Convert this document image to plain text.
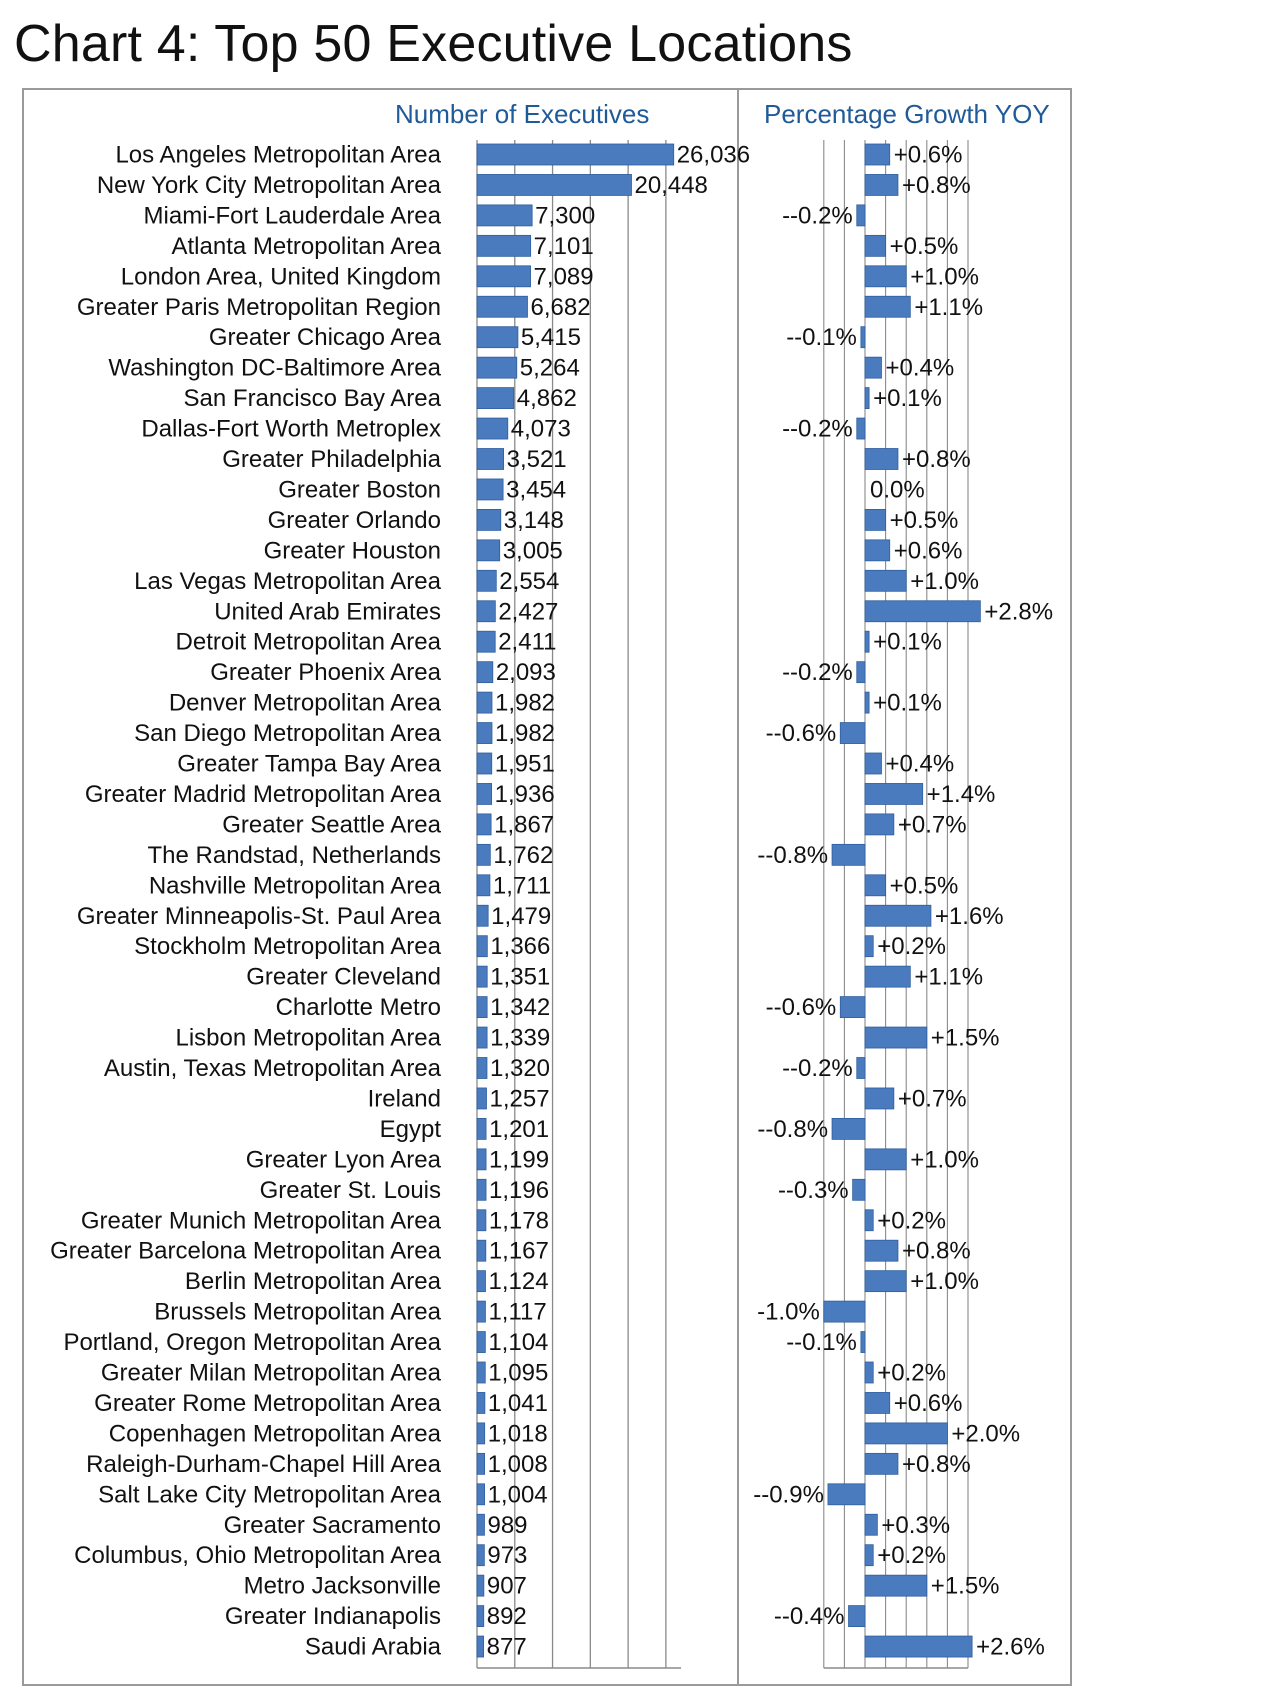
Chart 4: Top 50 Executive Locations
Number of Executives	Percentage Growth YOY
Los Angeles Metropolitan Area	26,036	+0.6%
New York City Metropolitan Area	20,448	+0.8%
Miami-Fort Lauderdale Area	7,300	--0.2%
Atlanta Metropolitan Area	7,101	+0.5%
London Area, United Kingdom	7,089	+1.0%
Greater Paris Metropolitan Region	6,682	+1.1%
Greater Chicago Area	5,415	--0.1%
Washington DC-Baltimore Area	5,264	+0.4%
San Francisco Bay Area	4,862	+0.1%
Dallas-Fort Worth Metroplex	4,073	--0.2%
Greater Philadelphia	3,521	+0.8%
Greater Boston	3,454	0.0%
Greater Orlando	3,148	+0.5%
Greater Houston	3,005	+0.6%
Las Vegas Metropolitan Area 2,554	+1.0%
United Arab Emirates 2,427	+2.8%
Detroit Metropolitan Area 2,411	+0.1%
Greater Phoenix Area 2,093	--0.2%
Denver Metropolitan Area 1,982	+0.1%
San Diego Metropolitan Area 1,982	--0.6%
Greater Tampa Bay Area 1,951	+0.4%
Greater Madrid Metropolitan Area 1,936	+1.4%
Greater Seattle Area 1,867	+0.7%
The Randstad, Netherlands 1,762	--0.8%
Nashville Metropolitan Area 1,711	+0.5%
Greater Minneapolis-St. Paul Area 1,479	+1.6%
Stockholm Metropolitan Area 1,366	+0.2%
Greater Cleveland 1,351	+1.1%
Charlotte Metro 1,342	--0.6%
Lisbon Metropolitan Area 1,339	+1.5%
Austin, Texas Metropolitan Area 1,320	--0.2%
Ireland 1,257	+0.7%
Egypt 1,201	--0.8%
Greater Lyon Area 1,199	+1.0%
Greater St. Louis 1,196	--0.3%
Greater Munich Metropolitan Area 1,178	+0.2%
Greater Barcelona Metropolitan Area 1,167	+0.8%
Berlin Metropolitan Area 1,124	+1.0%
Brussels Metropolitan Area 1,117	-1.0%
Portland, Oregon Metropolitan Area 1,104	--0.1%
Greater Milan Metropolitan Area 1,095	+0.2%
Greater Rome Metropolitan Area 1,041	+0.6%
Copenhagen Metropolitan Area 1,018	+2.0%
Raleigh-Durham-Chapel Hill Area 1,008	+0.8%
Salt Lake City Metropolitan Area 1,004	--0.9%
Greater Sacramento 989	+0.3%
Columbus, Ohio Metropolitan Area 973	+0.2%
Metro Jacksonville 907	+1.5%
Greater Indianapolis 892	--0.4%
Saudi Arabia 877	+2.6%
